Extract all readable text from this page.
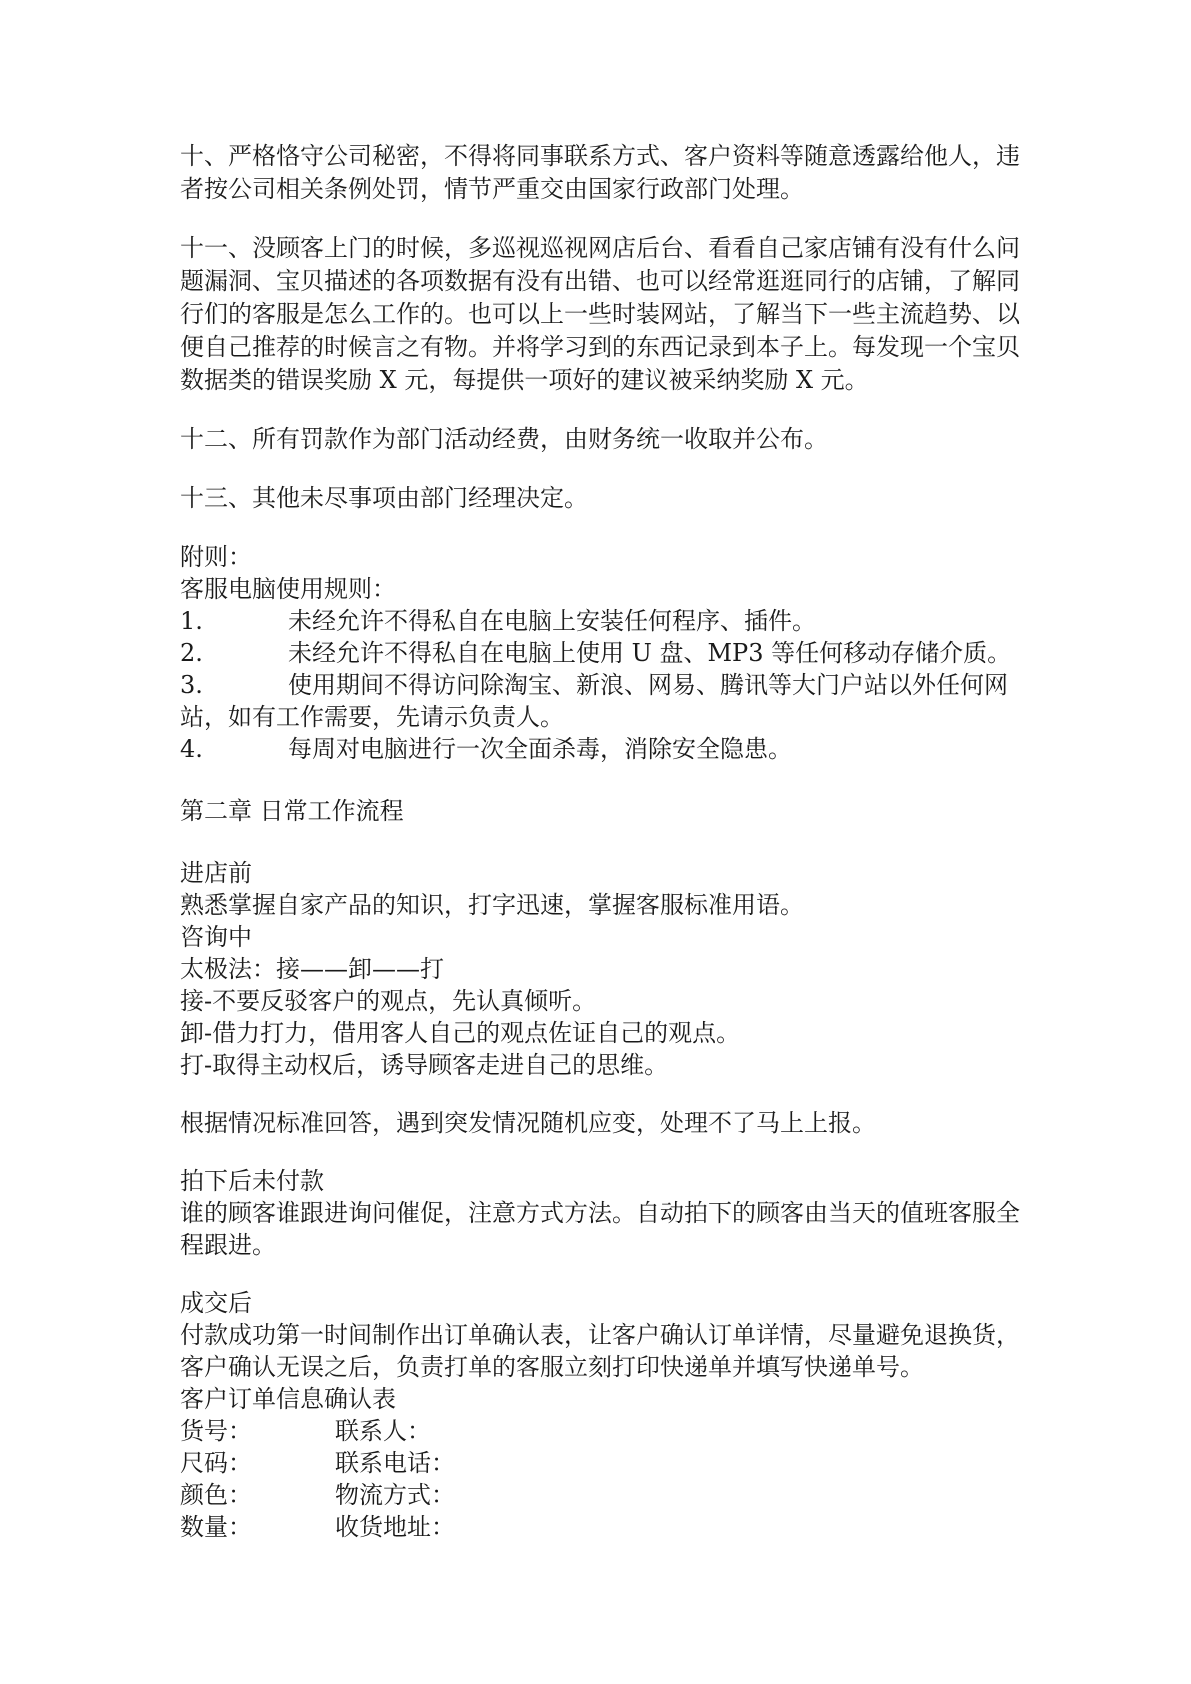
十、严格恪守公司秘密，不得将同事联系方式、客户资料等随意透露给他人，违者按公司相关条例处罚，情节严重交由国家行政部门处理。

十一、没顾客上门的时候，多巡视巡视网店后台、看看自己家店铺有没有什么问题漏洞、宝贝描述的各项数据有没有出错、也可以经常逛逛同行的店铺，了解同行们的客服是怎么工作的。也可以上一些时装网站，了解当下一些主流趋势、以便自己推荐的时候言之有物。并将学习到的东西记录到本子上。每发现一个宝贝数据类的错误奖励 X 元，每提供一项好的建议被采纳奖励 X 元。

十二、所有罚款作为部门活动经费，由财务统一收取并公布。

十三、其他未尽事项由部门经理决定。

附则：

客服电脑使用规则：

1.	未经允许不得私自在电脑上安装任何程序、插件。
2.	未经允许不得私自在电脑上使用 U 盘、MP3 等任何移动存储介质。
3.	使用期间不得访问除淘宝、新浪、网易、腾讯等大门户站以外任何网站，如有工作需要，先请示负责人。
4.	每周对电脑进行一次全面杀毒，消除安全隐患。

第二章 日常工作流程

进店前

熟悉掌握自家产品的知识，打字迅速，掌握客服标准用语。

咨询中

太极法：接——卸——打

接-不要反驳客户的观点，先认真倾听。

卸-借力打力，借用客人自己的观点佐证自己的观点。

打-取得主动权后，诱导顾客走进自己的思维。

根据情况标准回答，遇到突发情况随机应变，处理不了马上上报。

拍下后未付款

谁的顾客谁跟进询问催促，注意方式方法。自动拍下的顾客由当天的值班客服全程跟进。

成交后

付款成功第一时间制作出订单确认表，让客户确认订单详情，尽量避免退换货，客户确认无误之后，负责打单的客服立刻打印快递单并填写快递单号。

客户订单信息确认表

货号：	联系人：
尺码：	联系电话：
颜色：	物流方式：
数量：	收货地址：
